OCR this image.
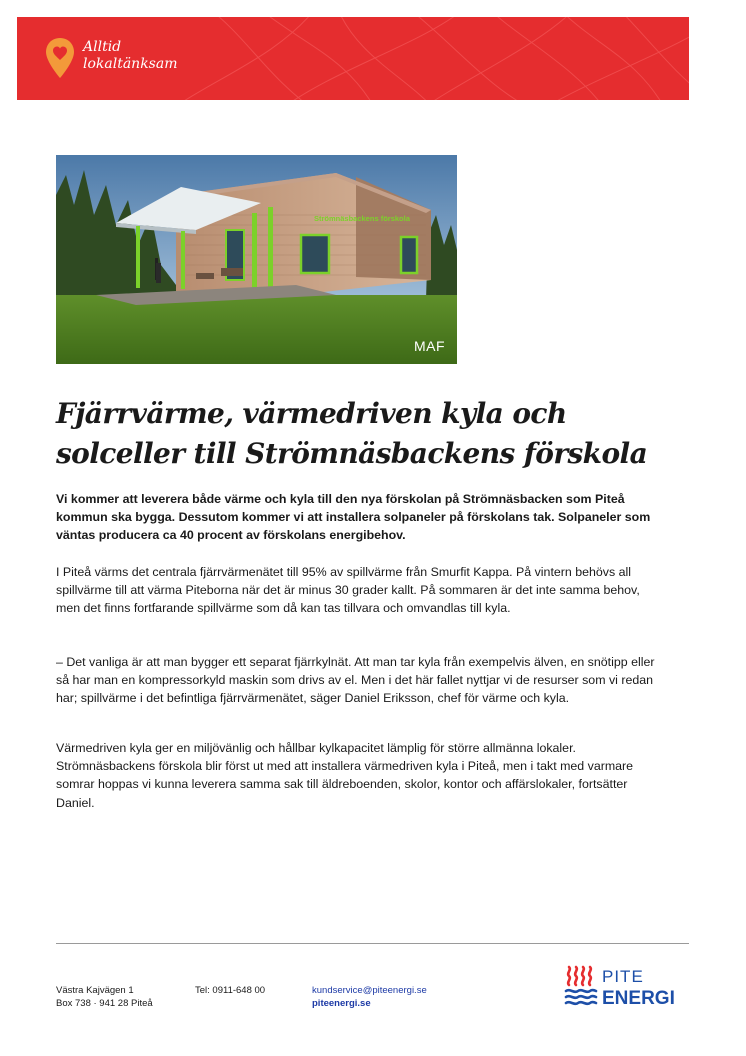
Alltid
lokaltänksam
Strömnäsbackens förskola
MAF
Fjärrvärme, värmedriven kyla och solceller till Strömnäsbackens förskola

Vi kommer att leverera både värme och kyla till den nya förskolan på Strömnäsbacken som Piteå kommun ska bygga. Dessutom kommer vi att installera solpaneler på förskolans tak. Solpaneler som väntas producera ca 40 procent av förskolans energibehov.

I Piteå värms det centrala fjärrvärmenätet till 95% av spillvärme från Smurfit Kappa. På vintern behövs all spillvärme till att värma Piteborna när det är minus 30 grader kallt. På sommaren är det inte samma behov, men det finns fortfarande spillvärme som då kan tas tillvara och omvandlas till kyla.

– Det vanliga är att man bygger ett separat fjärrkylnät. Att man tar kyla från exempelvis älven, en snötipp eller så har man en kompressorkyld maskin som drivs av el. Men i det här fallet nyttjar vi de resurser som vi redan har; spillvärme i det befintliga fjärrvärmenätet, säger Daniel Eriksson, chef för värme och kyla.

Värmedriven kyla ger en miljövänlig och hållbar kylkapacitet lämplig för större allmänna lokaler. Strömnäsbackens förskola blir först ut med att installera värmedriven kyla i Piteå, men i takt med varmare somrar hoppas vi kunna leverera samma sak till äldreboenden, skolor, kontor och affärslokaler, fortsätter Daniel.

Västra Kajvägen 1
Box 738 · 941 28 Piteå
Tel: 0911-648 00	kundservice@piteenergi.se
piteenergi.se
PITE
ENERGI
